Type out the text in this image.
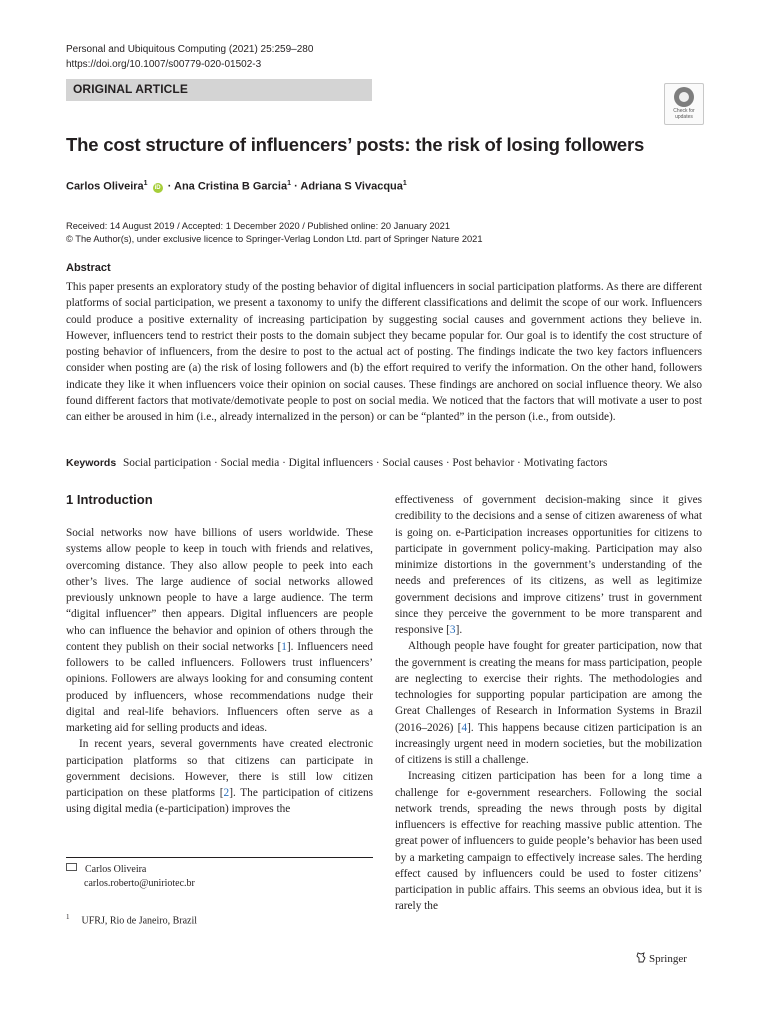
Personal and Ubiquitous Computing (2021) 25:259–280
https://doi.org/10.1007/s00779-020-01502-3
ORIGINAL ARTICLE
Check for
updates
The cost structure of influencers’ posts: the risk of losing followers
Carlos Oliveira$^1$ iD · Ana Cristina B Garcia$^1$ · Adriana S Vivacqua$^1$
Received: 14 August 2019 / Accepted: 1 December 2020 / Published online: 20 January 2021
© The Author(s), under exclusive licence to Springer-Verlag London Ltd. part of Springer Nature 2021
Abstract
This paper presents an exploratory study of the posting behavior of digital influencers in social participation platforms. As there are different platforms of social participation, we present a taxonomy to unify the different classifications and delimit the scope of our work. Influencers could produce a positive externality of increasing participation by suggesting social causes and government actions they believe in. However, influencers tend to restrict their posts to the domain subject they became popular for. Our goal is to identify the cost structure of posting behavior of influencers, from the desire to post to the actual act of posting. The findings indicate the two key factors influencers consider when posting are (a) the risk of losing followers and (b) the effort required to verify the information. On the other hand, followers indicate they like it when influencers voice their opinion on social causes. These findings are anchored on social influence theory. We also found different factors that motivate/demotivate people to post on social media. We noticed that the factors that will motivate a user to post can either be aroused in him (i.e., already internalized in the person) or can be “planted” in the person (i.e., from outside).
Keywords Social participation · Social media · Digital influencers · Social causes · Post behavior · Motivating factors
1 Introduction

Social networks now have billions of users worldwide. These systems allow people to keep in touch with friends and relatives, overcoming distance. They also allow people to peek into each other’s lives. The large audience of social networks allowed previously unknown people to have a large audience. The term “digital influencer” then appears. Digital influencers are people who can influence the behavior and opinion of others through the content they publish on their social networks [1]. Influencers need followers to be called influencers. Followers trust influencers’ opinions. Followers are always looking for and consuming content produced by influencers, whose recommendations nudge their digital and real-life behaviors. Influencers often serve as a marketing aid for selling products and ideas.

In recent years, several governments have created electronic participation platforms so that citizens can participate in government decisions. However, there is still low citizen participation on these platforms [2]. The participation of citizens using digital media (e-participation) improves the

effectiveness of government decision-making since it gives credibility to the decisions and a sense of citizen awareness of what is going on. e-Participation increases opportunities for citizens to participate in government policy-making. Participation may also minimize distortions in the government’s understanding of the needs and preferences of its citizens, as well as legitimize government decisions and improve citizens’ trust in government since they perceive the government to be more transparent and responsive [3].

Although people have fought for greater participation, now that the government is creating the means for mass participation, people are neglecting to exercise their rights. The methodologies and technologies for supporting popular participation are among the Great Challenges of Research in Information Systems in Brazil (2016–2026) [4]. This happens because citizen participation is an increasingly urgent need in modern societies, but the mobilization of citizens is still a challenge.

Increasing citizen participation has been for a long time a challenge for e-government researchers. Following the social network trends, spreading the news through posts by digital influencers is effective for reaching massive public attention. The great power of influencers to guide people’s behavior has been used by a marketing campaign to effectively increase sales. The herding effect caused by influencers could be used to foster citizens’ participation in public affairs. This seems an obvious idea, but it is rarely the

Carlos Oliveira
carlos.roberto@uniriotec.br
$^1$ UFRJ, Rio de Janeiro, Brazil
Springer
